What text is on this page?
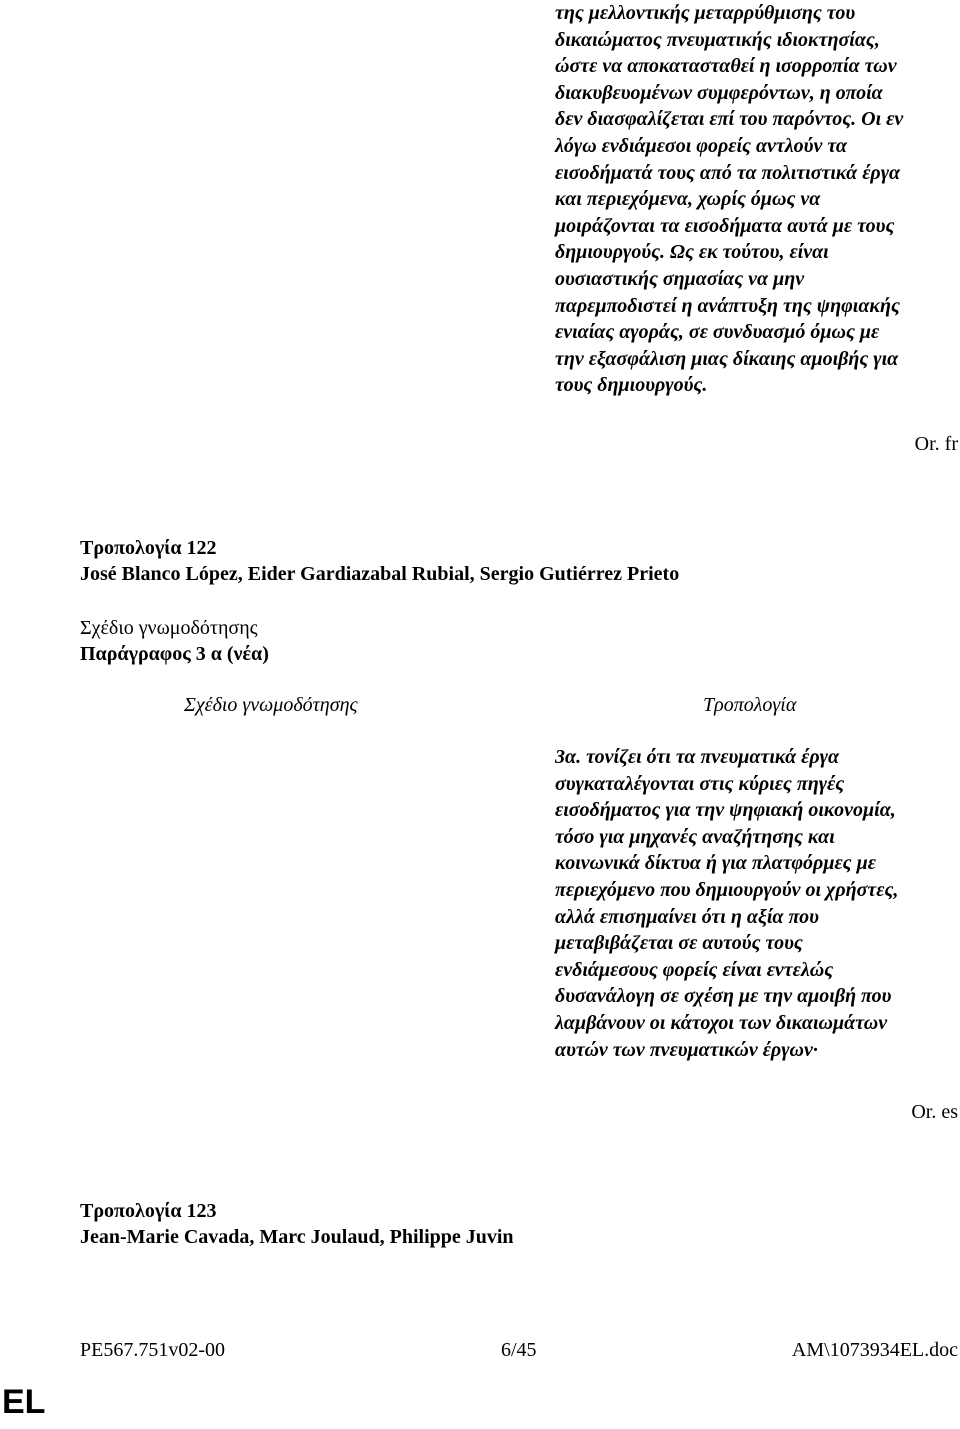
της μελλοντικής μεταρρύθμισης του
δικαιώματος πνευματικής ιδιοκτησίας,
ώστε να αποκατασταθεί η ισορροπία των
διακυβευομένων συμφερόντων, η οποία
δεν διασφαλίζεται επί του παρόντος. Οι εν
λόγω ενδιάμεσοι φορείς αντλούν τα
εισοδήματά τους από τα πολιτιστικά έργα
και περιεχόμενα, χωρίς όμως να
μοιράζονται τα εισοδήματα αυτά με τους
δημιουργούς. Ως εκ τούτου, είναι
ουσιαστικής σημασίας να μην
παρεμποδιστεί η ανάπτυξη της ψηφιακής
ενιαίας αγοράς, σε συνδυασμό όμως με
την εξασφάλιση μιας δίκαιης αμοιβής για
τους δημιουργούς.
Or. fr
Τροπολογία 122
José Blanco López, Eider Gardiazabal Rubial, Sergio Gutiérrez Prieto
Σχέδιο γνωμοδότησης
Παράγραφος 3 α (νέα)
Σχέδιο γνωμοδότησης	Τροπολογία
3α. τονίζει ότι τα πνευματικά έργα
συγκαταλέγονται στις κύριες πηγές
εισοδήματος για την ψηφιακή οικονομία,
τόσο για μηχανές αναζήτησης και
κοινωνικά δίκτυα ή για πλατφόρμες με
περιεχόμενο που δημιουργούν οι χρήστες,
αλλά επισημαίνει ότι η αξία που
μεταβιβάζεται σε αυτούς τους
ενδιάμεσους φορείς είναι εντελώς
δυσανάλογη σε σχέση με την αμοιβή που
λαμβάνουν οι κάτοχοι των δικαιωμάτων
αυτών των πνευματικών έργων·
Or. es
Τροπολογία 123
Jean-Marie Cavada, Marc Joulaud, Philippe Juvin
PE567.751v02-00	6/45	AM\1073934EL.doc
EL
